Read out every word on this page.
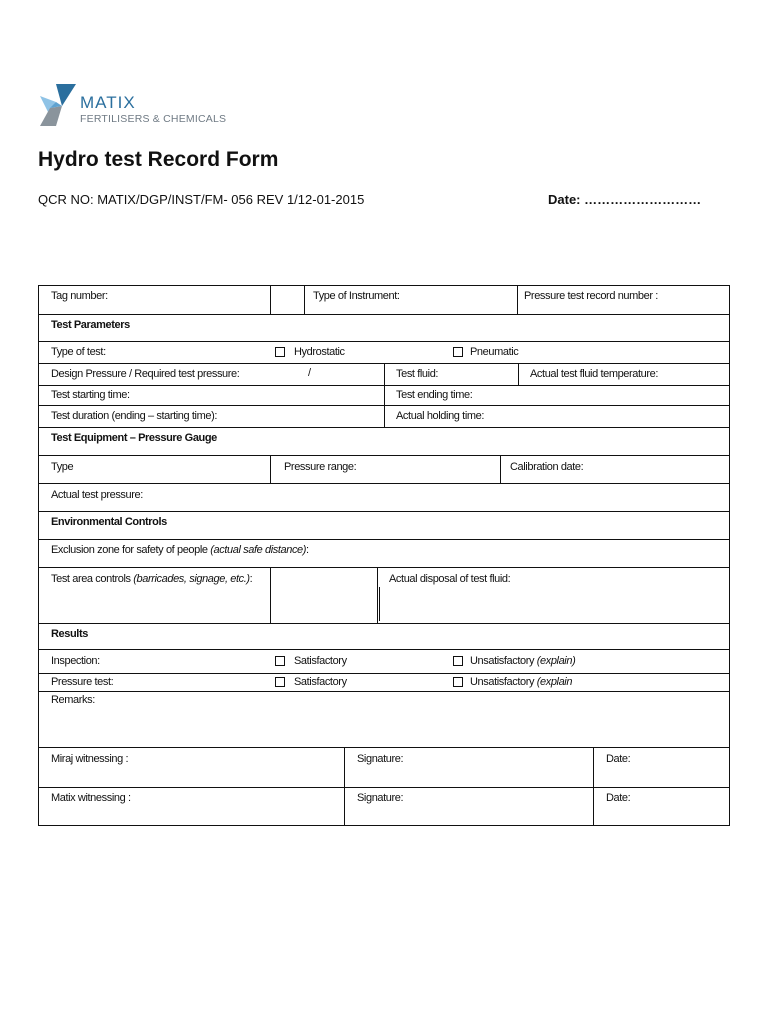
MATIX
FERTILISERS & CHEMICALS
Hydro test Record Form
QCR NO: MATIX/DGP/INST/FM- 056 REV 1/12-01-2015	Date: ………………………
Tag number:	Type of Instrument:	Pressure test record number :
Test Parameters
Type of test:	Hydrostatic	Pneumatic
Design Pressure / Required test pressure:	/	Test fluid:	Actual test fluid temperature:
Test starting time:	Test ending time:
Test duration (ending – starting time):	Actual holding time:
Test Equipment – Pressure Gauge
Type	Pressure range:	Calibration date:
Actual test pressure:
Environmental Controls
Exclusion zone for safety of people (actual safe distance):
Test area controls (barricades, signage, etc.):	Actual disposal of test fluid:
Results
Inspection:	Satisfactory	Unsatisfactory (explain)
Pressure test:	Satisfactory	Unsatisfactory (explain
Remarks:
Miraj witnessing :	Signature:	Date:
Matix witnessing :	Signature:	Date:
